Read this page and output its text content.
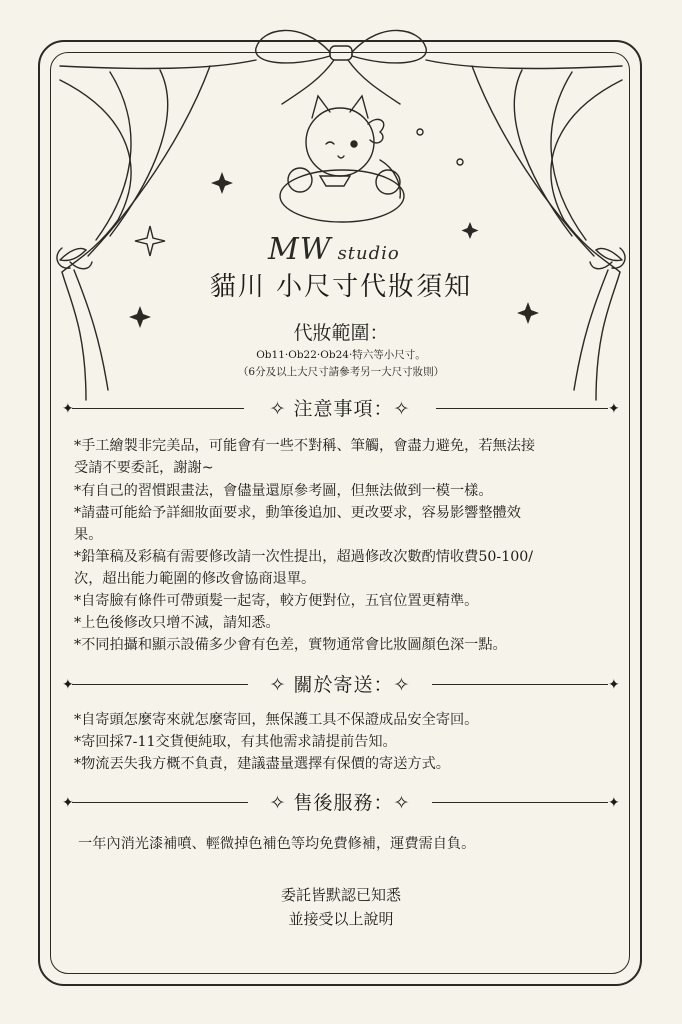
MW studio
貓川 小尺寸代妝須知
代妝範圍：
Ob11·Ob22·Ob24·特六等小尺寸。
（6分及以上大尺寸請參考另一大尺寸妝則）
✦	✦
✧ 注意事項：✧
*手工繪製非完美品，可能會有一些不對稱、筆觸，會盡力避免，若無法接
受請不要委託，謝謝~
*有自己的習慣跟畫法，會儘量還原參考圖，但無法做到一模一樣。
*請盡可能給予詳細妝面要求，動筆後追加、更改要求，容易影響整體效
果。
*鉛筆稿及彩稿有需要修改請一次性提出，超過修改次數酌情收費50-100/
次，超出能力範圍的修改會協商退單。
*自寄臉有條件可帶頭髮一起寄，較方便對位，五官位置更精準。
*上色後修改只增不減，請知悉。
*不同拍攝和顯示設備多少會有色差，實物通常會比妝圖顏色深一點。
✦	✦
✧ 關於寄送：✧
*自寄頭怎麼寄來就怎麼寄回，無保護工具不保證成品安全寄回。
*寄回採7-11交貨便純取，有其他需求請提前告知。
*物流丟失我方概不負責，建議盡量選擇有保價的寄送方式。
✦	✦
✧ 售後服務：✧
一年內消光漆補噴、輕微掉色補色等均免費修補，運費需自負。
委託皆默認已知悉
並接受以上說明
